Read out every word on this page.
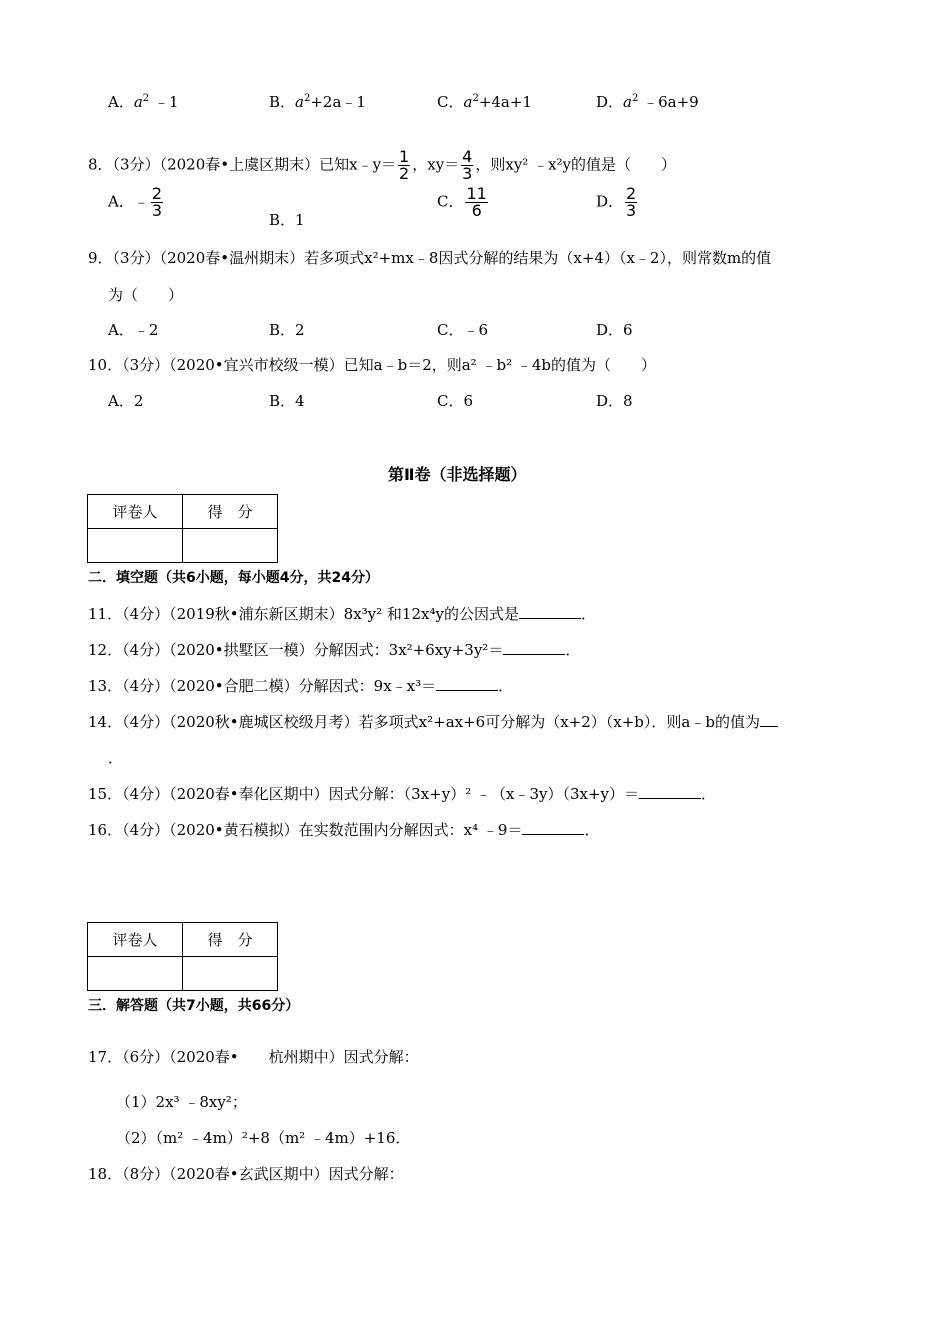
A．$a^2$ ﹣1	B．$a^2+2a﹣1$	C．$a^2+4a+1$	D．$a^2$ ﹣6a+9
8．（3分）（2020春•上虞区期末）已知x﹣y＝ $\frac{1}{2}$ ，$xy= \frac{4}{3}$ ，则xy² ﹣x²y的值是（　　）
A．﹣ $\frac{2}{3}$
B．1
C． $\frac{11}{6}$	D． $\frac{2}{3}$
9．（3分）（2020春•温州期末）若多项式x²+mx﹣8因式分解的结果为（x+4）（x﹣2），则常数m的值
为（　　）
A．﹣2	B．2	C．﹣6	D．6
10．（3分）（2020•宜兴市校级一模）已知a﹣b＝2，则a² ﹣b² ﹣4b的值为（　　）
A．2	B．4	C．6	D．8
第Ⅱ卷（非选择题）
评卷人	得　分

二．填空题（共6小题，每小题4分，共24分）
11．（4分）（2019秋•浦东新区期末）8x³y² 和12x⁴y的公因式是	．
12．（4分）（2020•拱墅区一模）分解因式：3x²+6xy+3y²＝	．
13．（4分）（2020•合肥二模）分解因式：9x﹣x³＝	．
14．（4分）（2020秋•鹿城区校级月考）若多项式x²+ax+6可分解为（x+2）（x+b）．则a﹣b的值为
．
15．（4分）（2020春•奉化区期中）因式分解：（3x+y）² ﹣（x﹣3y）（3x+y）＝	．
16．（4分）（2020•黄石模拟）在实数范围内分解因式：x⁴ ﹣9＝	．
评卷人	得　分

三．解答题（共7小题，共66分）
17．（6分）（2020春•　　杭州期中）因式分解：
（1）2x³ ﹣8xy²；
（2）（m² ﹣4m）²+8（m² ﹣4m）+16．
18．（8分）（2020春•玄武区期中）因式分解：
